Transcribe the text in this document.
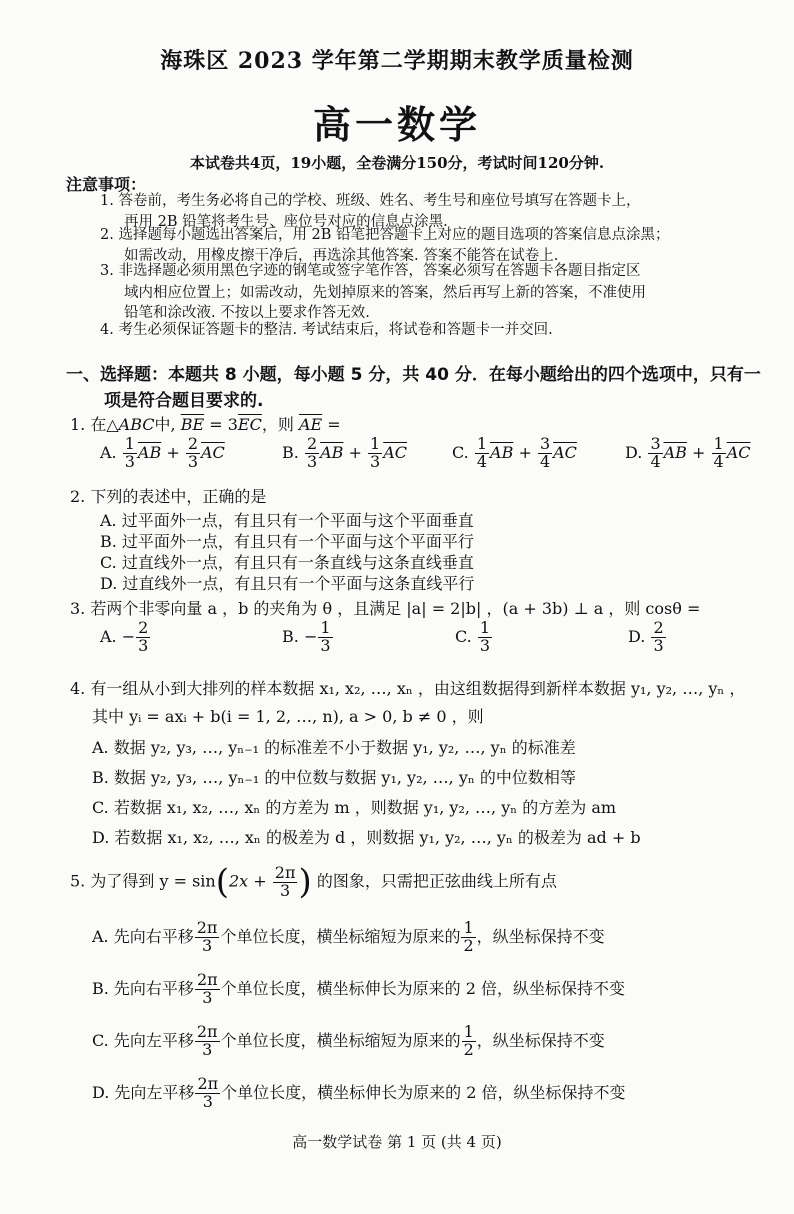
海珠区 2023 学年第二学期期末教学质量检测
高一数学
本试卷共4页，19小题，全卷满分150分，考试时间120分钟.
注意事项：
1. 答卷前，考生务必将自己的学校、班级、姓名、考生号和座位号填写在答题卡上，
再用 2B 铅笔将考生号、座位号对应的信息点涂黑.
2. 选择题每小题选出答案后，用 2B 铅笔把答题卡上对应的题目选项的答案信息点涂黑；
如需改动，用橡皮擦干净后，再选涂其他答案. 答案不能答在试卷上.
3. 非选择题必须用黑色字迹的钢笔或签字笔作答，答案必须写在答题卡各题目指定区
域内相应位置上；如需改动，先划掉原来的答案，然后再写上新的答案，不准使用
铅笔和涂改液. 不按以上要求作答无效.
4. 考生必须保证答题卡的整洁. 考试结束后，将试卷和答题卡一并交回.
一、选择题：本题共 8 小题，每小题 5 分，共 40 分．在每小题给出的四个选项中，只有一
项是符合题目要求的.
1. 在△ABC中, $\overline{BE} = 3\overline{EC}$，则 $\overline{AE}$ =
A. $\frac{1}{3} \overline{AB} + \frac{2}{3} \overline{AC}$	B. $\frac{2}{3} \overline{AB} + \frac{1}{3} \overline{AC}$	C. $\frac{1}{4} \overline{AB} + \frac{3}{4} \overline{AC}$	D. $\frac{3}{4} \overline{AB} + \frac{1}{4} \overline{AC}$
2. 下列的表述中，正确的是
A. 过平面外一点，有且只有一个平面与这个平面垂直
B. 过平面外一点，有且只有一个平面与这个平面平行
C. 过直线外一点，有且只有一条直线与这条直线垂直
D. 过直线外一点，有且只有一个平面与这条直线平行
3. 若两个非零向量 a ，b 的夹角为 θ ，且满足 |a| = 2|b| ，(a + 3b) ⊥ a ，则 cosθ =
A. − $\frac{2}{3}$	B. − $\frac{1}{3}$	C. $\frac{1}{3}$	D. $\frac{2}{3}$
4. 有一组从小到大排列的样本数据 x₁, x₂, …, xₙ ，由这组数据得到新样本数据 y₁, y₂, …, yₙ ，
其中 yᵢ = axᵢ + b(i = 1, 2, …, n), a > 0, b ≠ 0 ，则
A. 数据 y₂, y₃, …, yₙ₋₁ 的标准差不小于数据 y₁, y₂, …, yₙ 的标准差
B. 数据 y₂, y₃, …, yₙ₋₁ 的中位数与数据 y₁, y₂, …, yₙ 的中位数相等
C. 若数据 x₁, x₂, …, xₙ 的方差为 m ，则数据 y₁, y₂, …, yₙ 的方差为 am
D. 若数据 x₁, x₂, …, xₙ 的极差为 d ，则数据 y₁, y₂, …, yₙ 的极差为 ad + b
5. 为了得到 $y = \sin(2x + \frac{2\pi}{3}$ ) 的图象，只需把正弦曲线上所有点
A. 先向右平移 $\frac{2\pi}{3}$ 个单位长度，横坐标缩短为原来的 $\frac{1}{2}$ ，纵坐标保持不变
B. 先向右平移 $\frac{2\pi}{3}$ 个单位长度，横坐标伸长为原来的 2 倍，纵坐标保持不变
C. 先向左平移 $\frac{2\pi}{3}$ 个单位长度，横坐标缩短为原来的 $\frac{1}{2}$ ，纵坐标保持不变
D. 先向左平移 $\frac{2\pi}{3}$ 个单位长度，横坐标伸长为原来的 2 倍，纵坐标保持不变
高一数学试卷 第 1 页 (共 4 页)
